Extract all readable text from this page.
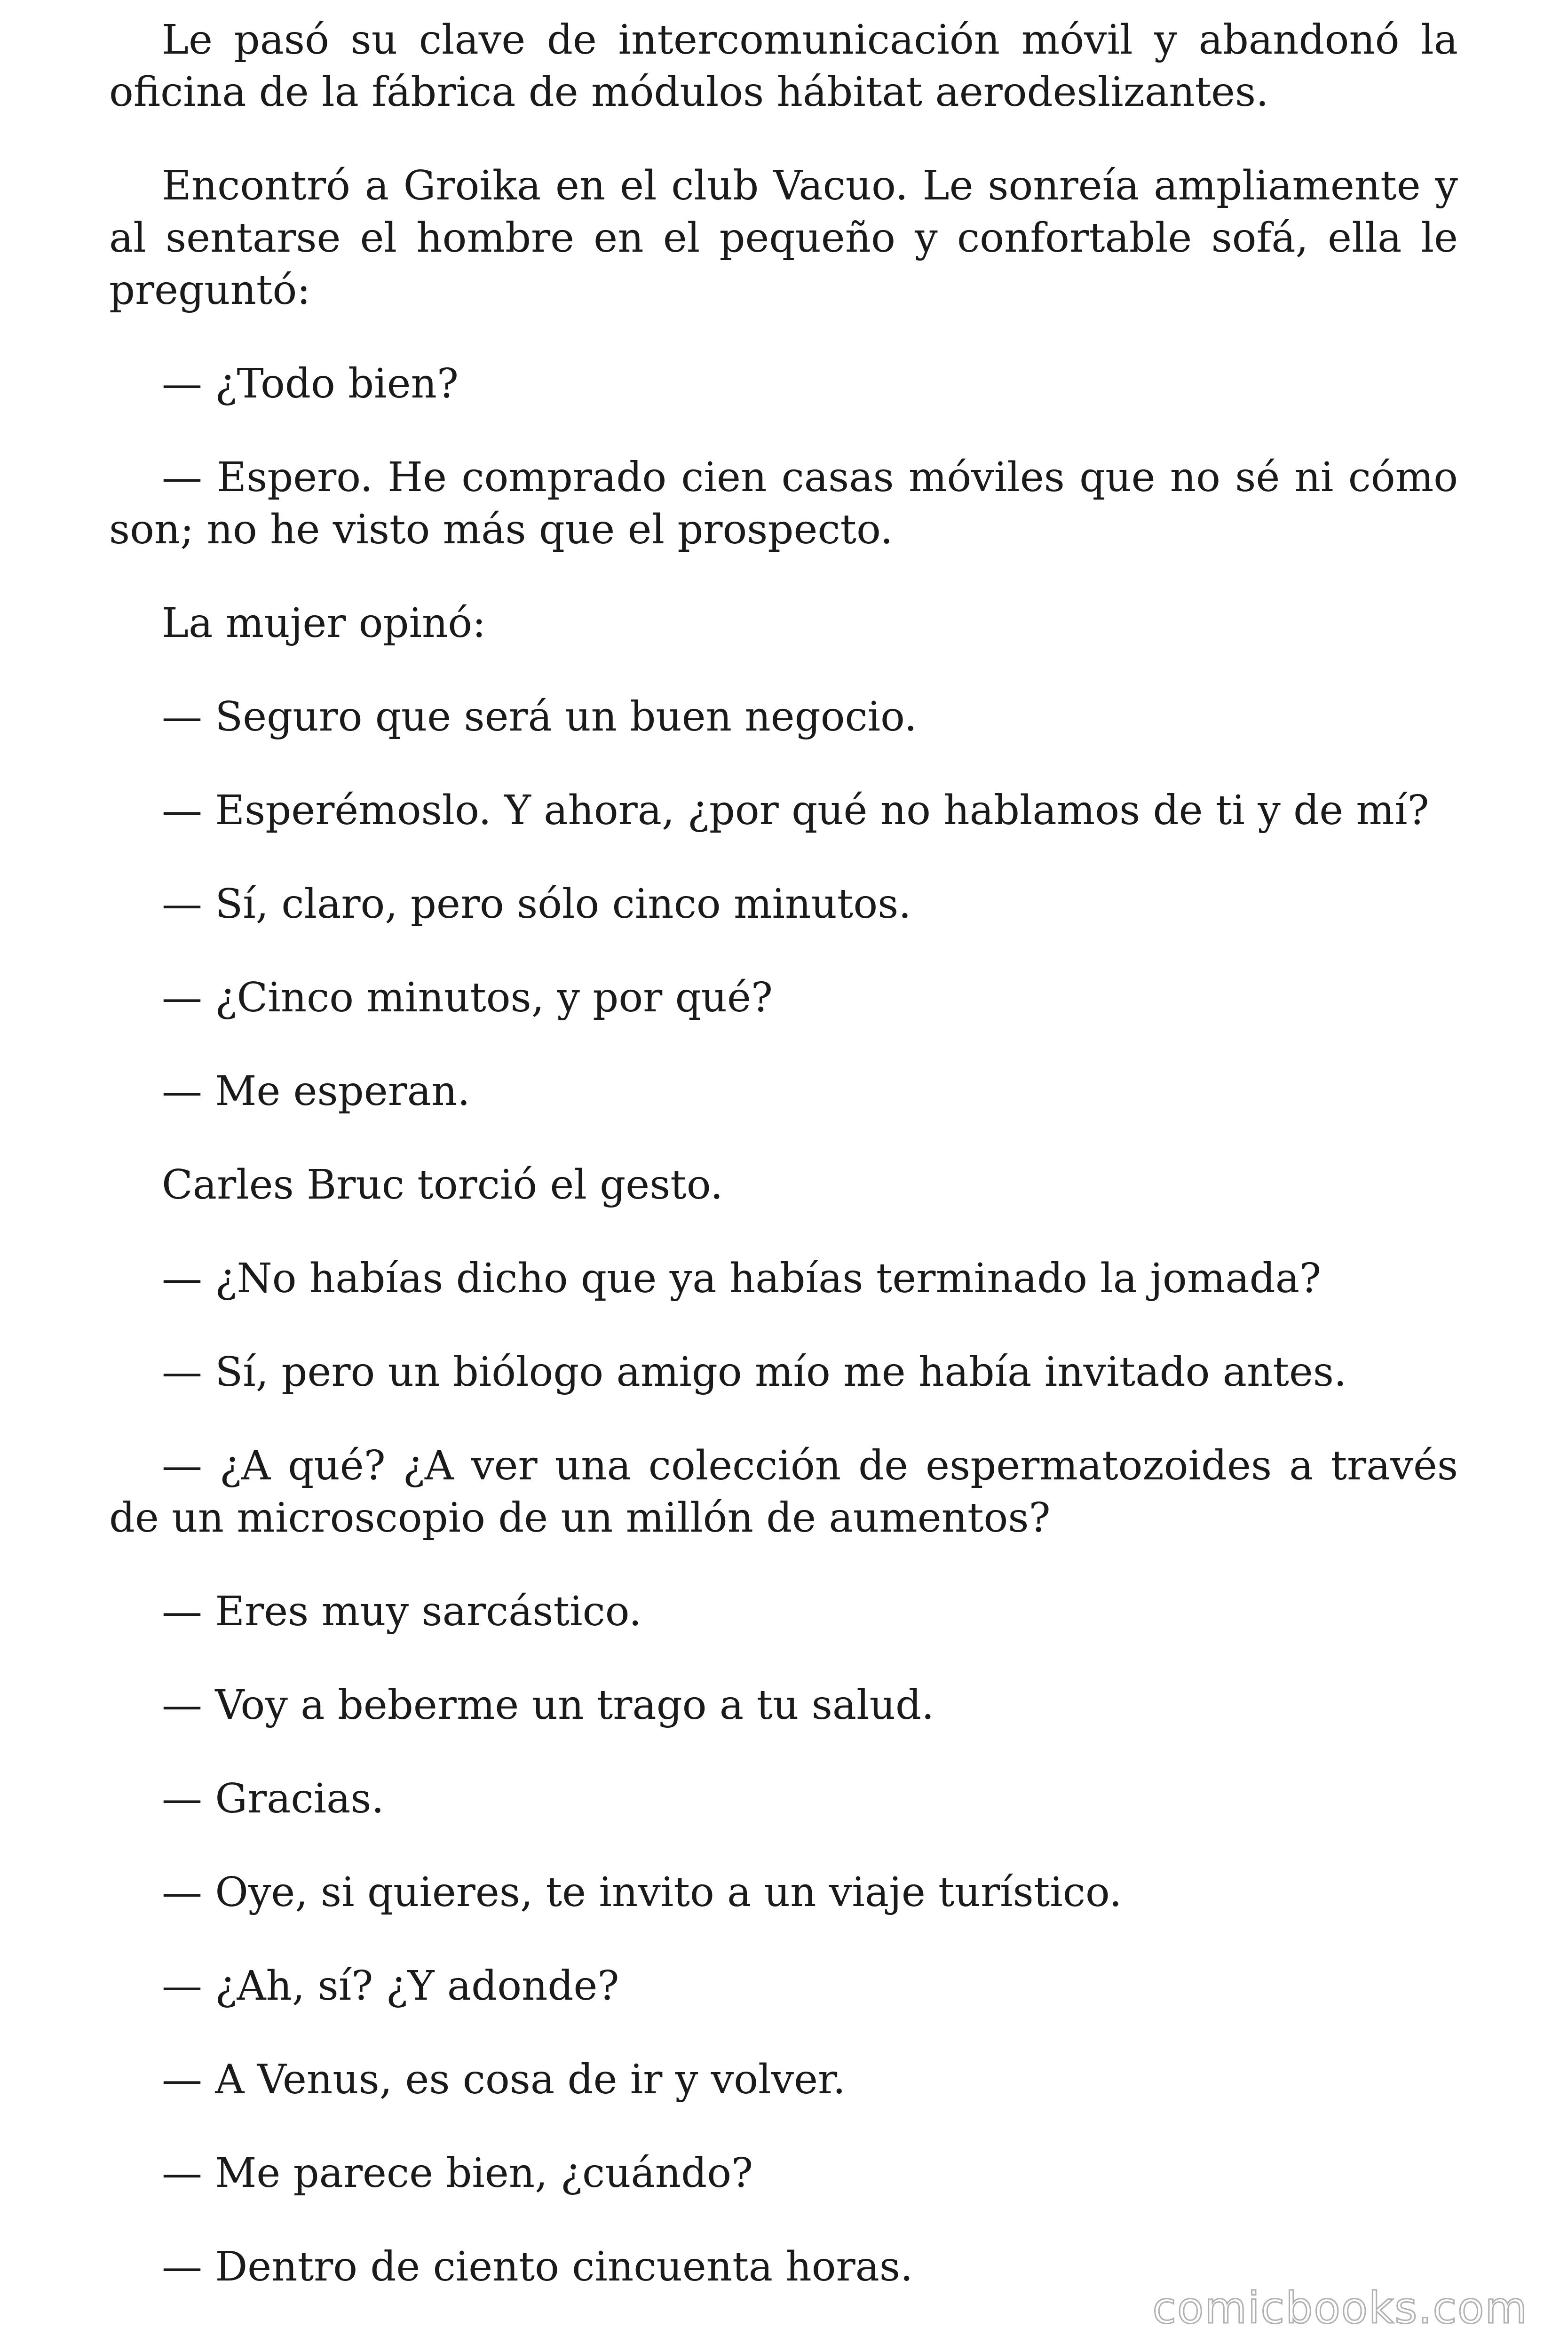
Le pasó su clave de intercomunicación móvil y abandonó la oficina de la fábrica de módulos hábitat aerodeslizantes.

Encontró a Groika en el club Vacuo. Le sonreía ampliamente y al sentarse el hombre en el pequeño y confortable sofá, ella le preguntó:

— ¿Todo bien?

— Espero. He comprado cien casas móviles que no sé ni cómo son; no he visto más que el prospecto.

La mujer opinó:

— Seguro que será un buen negocio.

— Esperémoslo. Y ahora, ¿por qué no hablamos de ti y de mí?

— Sí, claro, pero sólo cinco minutos.

— ¿Cinco minutos, y por qué?

— Me esperan.

Carles Bruc torció el gesto.

— ¿No habías dicho que ya habías terminado la jomada?

— Sí, pero un biólogo amigo mío me había invitado antes.

— ¿A qué? ¿A ver una colección de espermatozoides a través de un microscopio de un millón de aumentos?

— Eres muy sarcástico.

— Voy a beberme un trago a tu salud.

— Gracias.

— Oye, si quieres, te invito a un viaje turístico.

— ¿Ah, sí? ¿Y adonde?

— A Venus, es cosa de ir y volver.

— Me parece bien, ¿cuándo?

— Dentro de ciento cincuenta horas.

comicbooks.com
